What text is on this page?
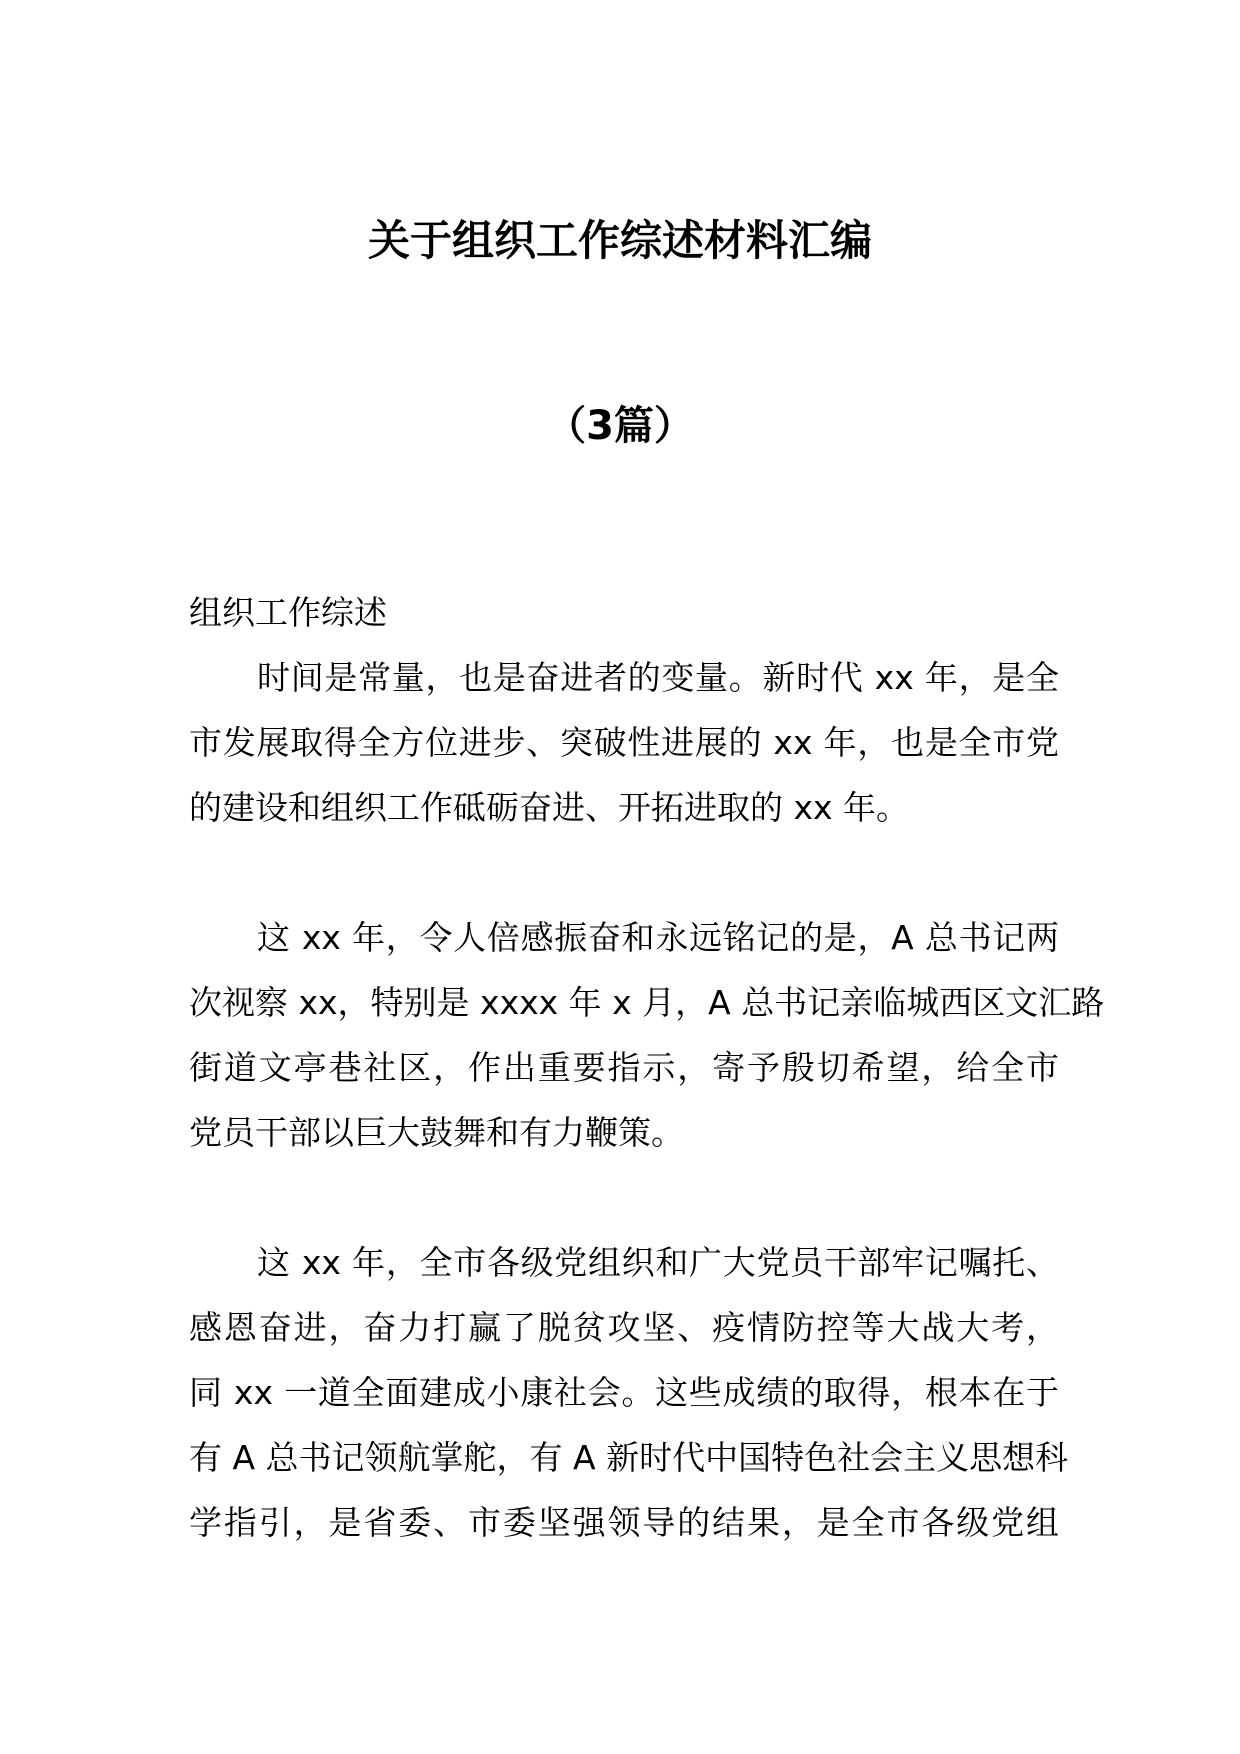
关于组织工作综述材料汇编
（3篇）
组织工作综述
时间是常量，也是奋进者的变量。新时代 xx 年，是全
市发展取得全方位进步、突破性进展的 xx 年，也是全市党
的建设和组织工作砥砺奋进、开拓进取的 xx 年。
这 xx 年，令人倍感振奋和永远铭记的是，A 总书记两
次视察 xx，特别是 xxxx 年 x 月，A 总书记亲临城西区文汇路
街道文亭巷社区，作出重要指示，寄予殷切希望，给全市
党员干部以巨大鼓舞和有力鞭策。
这 xx 年，全市各级党组织和广大党员干部牢记嘱托、
感恩奋进，奋力打赢了脱贫攻坚、疫情防控等大战大考，
同 xx 一道全面建成小康社会。这些成绩的取得，根本在于
有 A 总书记领航掌舵，有 A 新时代中国特色社会主义思想科
学指引，是省委、市委坚强领导的结果，是全市各级党组
